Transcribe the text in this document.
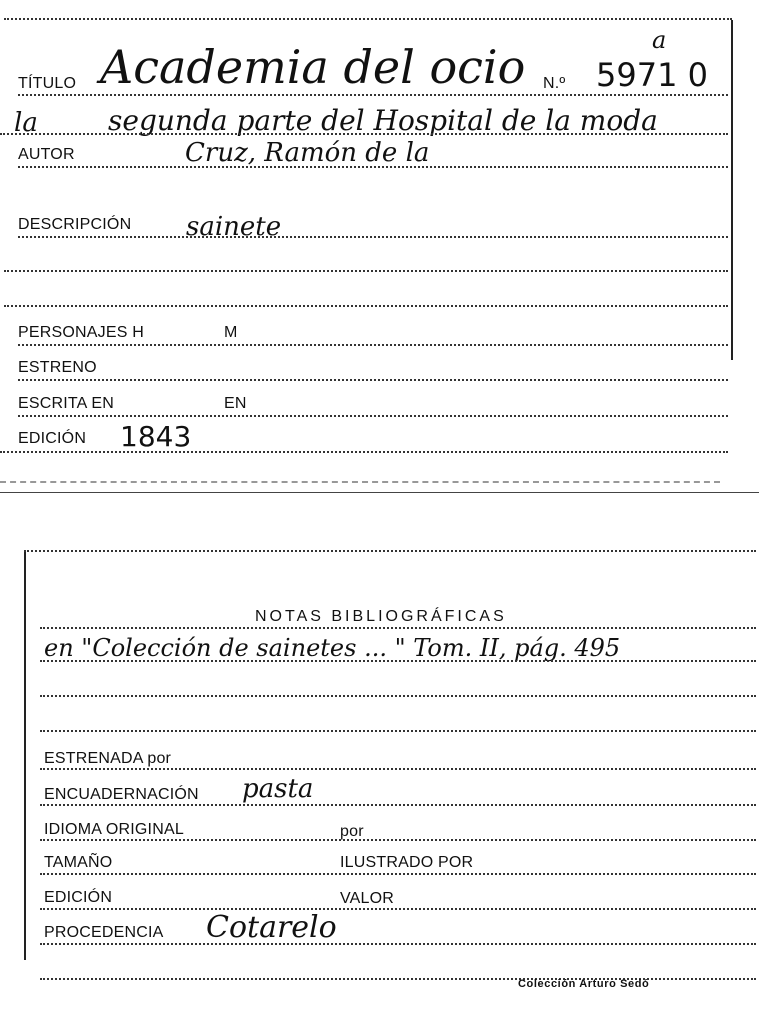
TÍTULO Academia del ocio N.º 5971 0
a
la	segunda parte del Hospital de la moda
AUTOR	Cruz, Ramón de la
DESCRIPCIÓN sainete
PERSONAJES H	M
ESTRENO
ESCRITA EN	EN
EDICIÓN 1843
NOTAS BIBLIOGRÁFICAS
en "Colección de sainetes ... " Tom. II, pág. 495
ESTRENADA por
ENCUADERNACIÓN pasta
IDIOMA ORIGINAL	por
TAMAÑO	ILUSTRADO POR
EDICIÓN	VALOR
PROCEDENCIA Cotarelo
Colección Arturo Sedó
